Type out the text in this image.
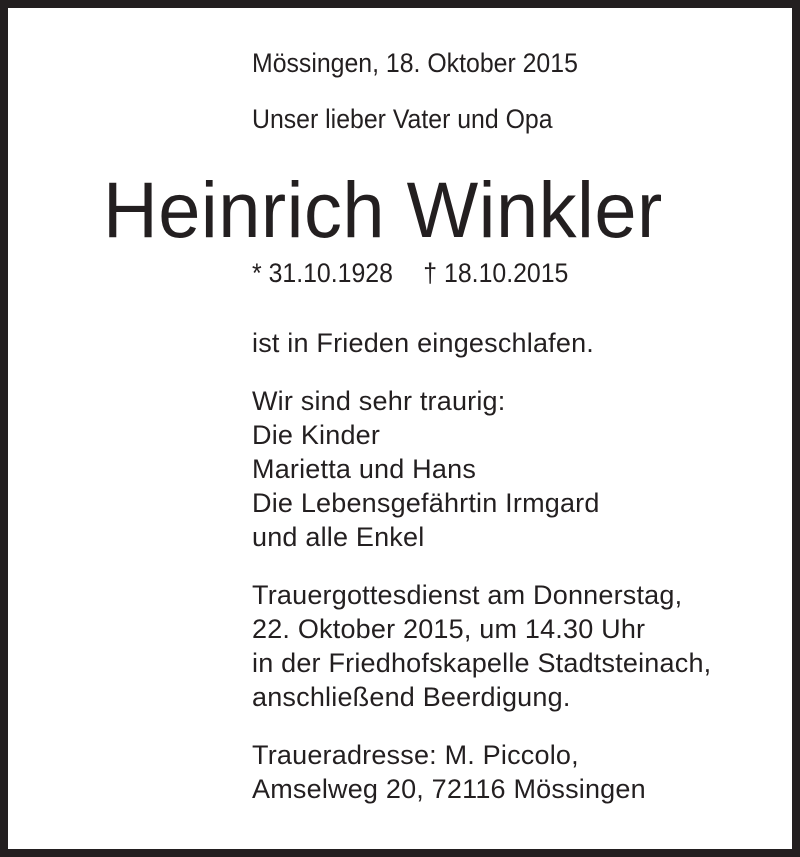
Mössingen, 18. Oktober 2015

Unser lieber Vater und Opa

Heinrich Winkler

* 31.10.1928 † 18.10.2015

ist in Frieden eingeschlafen.

Wir sind sehr traurig:
Die Kinder
Marietta und Hans
Die Lebensgefährtin Irmgard
und alle Enkel
Trauergottesdienst am Donnerstag,
22. Oktober 2015, um 14.30 Uhr
in der Friedhofskapelle Stadtsteinach,
anschließend Beerdigung.
Traueradresse: M. Piccolo,
Amselweg 20, 72116 Mössingen
